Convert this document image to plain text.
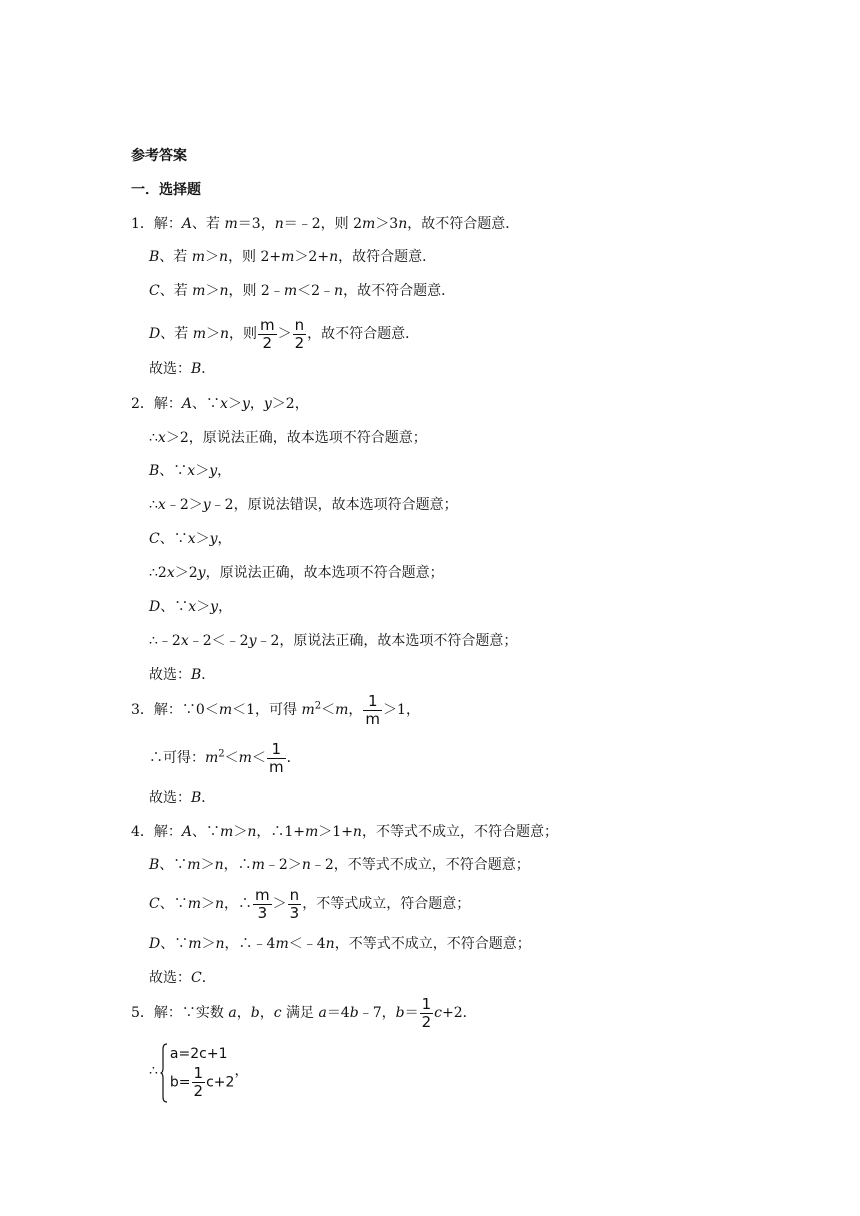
参考答案
一．选择题
1．解：A、若 m＝3，n＝﹣2，则 2m＞3n，故不符合题意．
B、若 m＞n，则 2+m＞2+n，故符合题意．
C、若 m＞n，则 2﹣m＜2﹣n，故不符合题意．
D、若 m＞n，则 $\frac{m}{2} > \frac{n}{2}$ ，故不符合题意．
故选：B．
2．解：A、∵x＞y，y＞2，
∴x＞2，原说法正确，故本选项不符合题意；
B、∵x＞y，
∴x﹣2＞y﹣2，原说法错误，故本选项符合题意；
C、∵x＞y，
∴2x＞2y，原说法正确，故本选项不符合题意；
D、∵x＞y，
∴﹣2x﹣2＜﹣2y﹣2，原说法正确，故本选项不符合题意；
故选：B．
3．解：∵0＜m＜1，可得 $m^2<m$， $\frac{1}{m} >1$，
∴可得：$m^2<m< \frac{1}{m}$ ．
故选：B．
4．解：A、∵m＞n，∴1+m＞1+n，不等式不成立，不符合题意；
B、∵m＞n，∴m﹣2＞n﹣2，不等式不成立，不符合题意；
C、∵m＞n，∴ $\frac{m}{3} > \frac{n}{3}$ ，不等式成立，符合题意；
D、∵m＞n，∴﹣4m＜﹣4n，不等式不成立，不符合题意；
故选：C．
5．解：∵实数 a，b，c 满足 a＝4b﹣7，$b= \frac{1}{2} c+2$．
∴
a=2c+1
$b= \frac{1}{2} c+2$
，
